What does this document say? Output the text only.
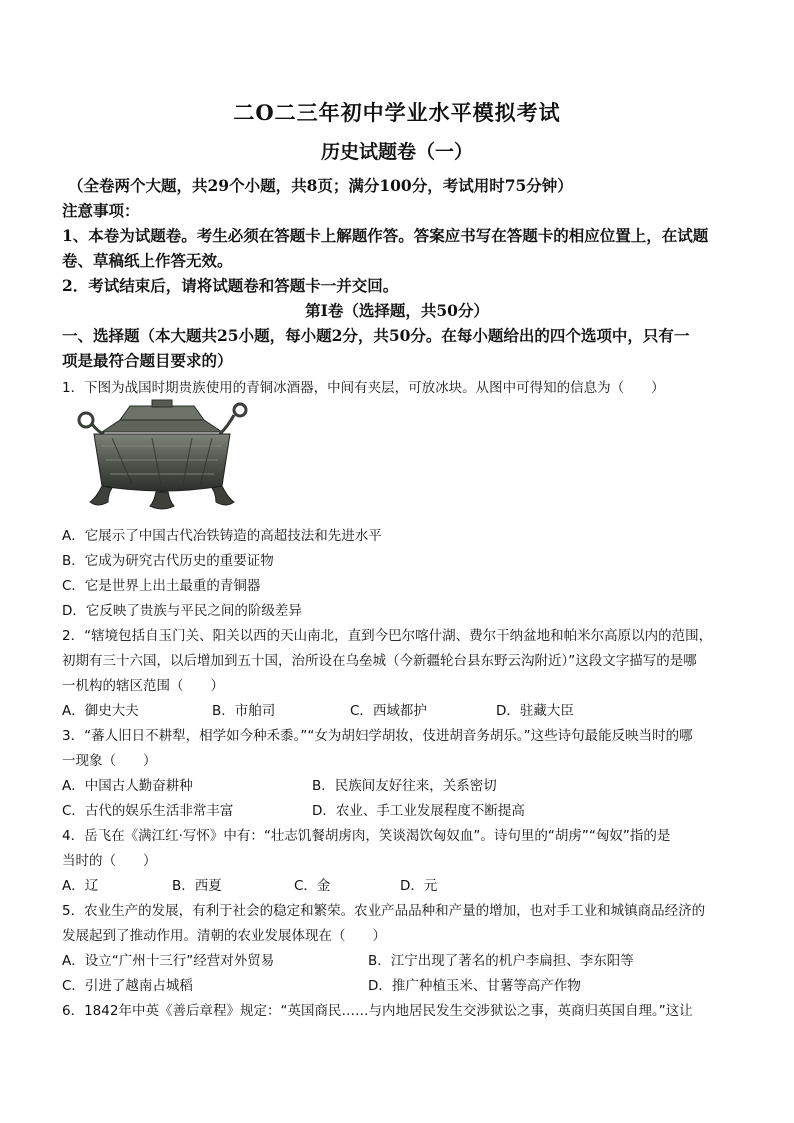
二O二三年初中学业水平模拟考试
历史试题卷（一）
（全卷两个大题，共29个小题，共8页；满分100分，考试用时75分钟）
注意事项：
1、本卷为试题卷。考生必须在答题卡上解题作答。答案应书写在答题卡的相应位置上，在试题
卷、草稿纸上作答无效。
2．考试结束后，请将试题卷和答题卡一并交回。
第Ⅰ卷（选择题，共50分）
一、选择题（本大题共25小题，每小题2分，共50分。在每小题给出的四个选项中，只有一
项是最符合题目要求的）
1．下图为战国时期贵族使用的青铜冰酒器，中间有夹层，可放冰块。从图中可得知的信息为（　　）
A．它展示了中国古代冶铁铸造的高超技法和先进水平
B．它成为研究古代历史的重要证物
C．它是世界上出土最重的青铜器
D．它反映了贵族与平民之间的阶级差异
2．“辖境包括自玉门关、阳关以西的天山南北，直到今巴尔喀什湖、费尔干纳盆地和帕米尔高原以内的范围，
初期有三十六国，以后增加到五十国，治所设在乌垒城（今新疆轮台县东野云沟附近）”这段文字描写的是哪
一机构的辖区范围（　　）
A．御史大夫	B．市舶司	C．西域都护	D．驻藏大臣
3．“蕃人旧日不耕犁，相学如今种禾黍。”“女为胡妇学胡妆，伎进胡音务胡乐。”这些诗句最能反映当时的哪
一现象（　　）
A．中国古人勤奋耕种	B．民族间友好往来，关系密切
C．古代的娱乐生活非常丰富	D．农业、手工业发展程度不断提高
4．岳飞在《满江红·写怀》中有：“壮志饥餐胡虏肉，笑谈渴饮匈奴血”。诗句里的“胡虏”“匈奴”指的是
当时的（　　）
A．辽	B．西夏	C．金	D．元
5．农业生产的发展，有利于社会的稳定和繁荣。农业产品品种和产量的增加，也对手工业和城镇商品经济的
发展起到了推动作用。清朝的农业发展体现在（　　）
A．设立“广州十三行”经营对外贸易	B．江宁出现了著名的机户李扁担、李东阳等
C．引进了越南占城稻	D．推广种植玉米、甘薯等高产作物
6．1842年中英《善后章程》规定：“英国商民……与内地居民发生交涉狱讼之事，英商归英国自理。”这让
